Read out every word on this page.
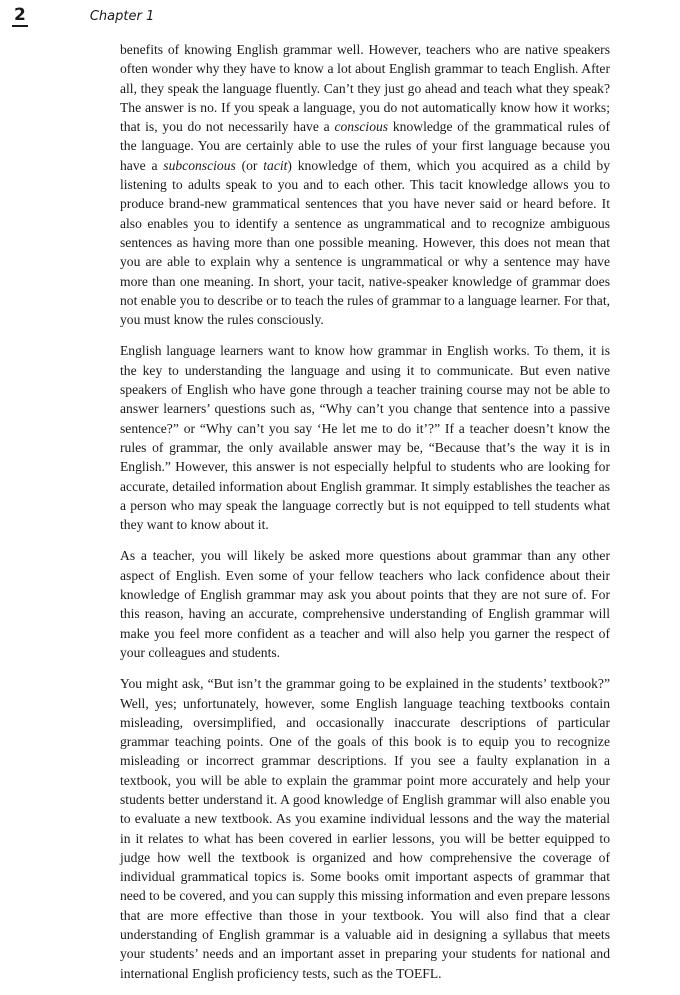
2	Chapter 1

benefits of knowing English grammar well. However, teachers who are native speakers often wonder why they have to know a lot about English grammar to teach English. After all, they speak the language fluently. Can’t they just go ahead and teach what they speak? The answer is no. If you speak a language, you do not automatically know how it works; that is, you do not necessarily have a conscious knowledge of the grammatical rules of the language. You are certainly able to use the rules of your first language because you have a subconscious (or tacit) knowledge of them, which you acquired as a child by listening to adults speak to you and to each other. This tacit knowledge allows you to produce brand-new grammatical sentences that you have never said or heard before. It also enables you to identify a sentence as ungrammatical and to recognize ambiguous sentences as having more than one possible meaning. However, this does not mean that you are able to explain why a sentence is ungrammatical or why a sentence may have more than one meaning. In short, your tacit, native-speaker knowledge of grammar does not enable you to describe or to teach the rules of grammar to a language learner. For that, you must know the rules consciously.

English language learners want to know how grammar in English works. To them, it is the key to understanding the language and using it to communicate. But even native speakers of English who have gone through a teacher training course may not be able to answer learners’ questions such as, “Why can’t you change that sentence into a passive sentence?” or “Why can’t you say ‘He let me to do it’?” If a teacher doesn’t know the rules of grammar, the only available answer may be, “Because that’s the way it is in English.” However, this answer is not especially helpful to students who are looking for accurate, detailed information about English grammar. It simply establishes the teacher as a person who may speak the language correctly but is not equipped to tell students what they want to know about it.

As a teacher, you will likely be asked more questions about grammar than any other aspect of English. Even some of your fellow teachers who lack confidence about their knowledge of English grammar may ask you about points that they are not sure of. For this reason, having an accurate, comprehensive understanding of English grammar will make you feel more confident as a teacher and will also help you garner the respect of your colleagues and students.

You might ask, “But isn’t the grammar going to be explained in the students’ textbook?” Well, yes; unfortunately, however, some English language teaching textbooks contain misleading, oversimplified, and occasionally inaccurate descriptions of particular grammar teaching points. One of the goals of this book is to equip you to recognize misleading or incorrect grammar descriptions. If you see a faulty explanation in a textbook, you will be able to explain the grammar point more accurately and help your students better understand it. A good knowledge of English grammar will also enable you to evaluate a new textbook. As you examine individual lessons and the way the material in it relates to what has been covered in earlier lessons, you will be better equipped to judge how well the textbook is organized and how comprehensive the coverage of individual grammatical topics is. Some books omit important aspects of grammar that need to be covered, and you can supply this missing information and even prepare lessons that are more effective than those in your textbook. You will also find that a clear understanding of English grammar is a valuable aid in designing a syllabus that meets your students’ needs and an important asset in preparing your students for national and international English proficiency tests, such as the TOEFL.
